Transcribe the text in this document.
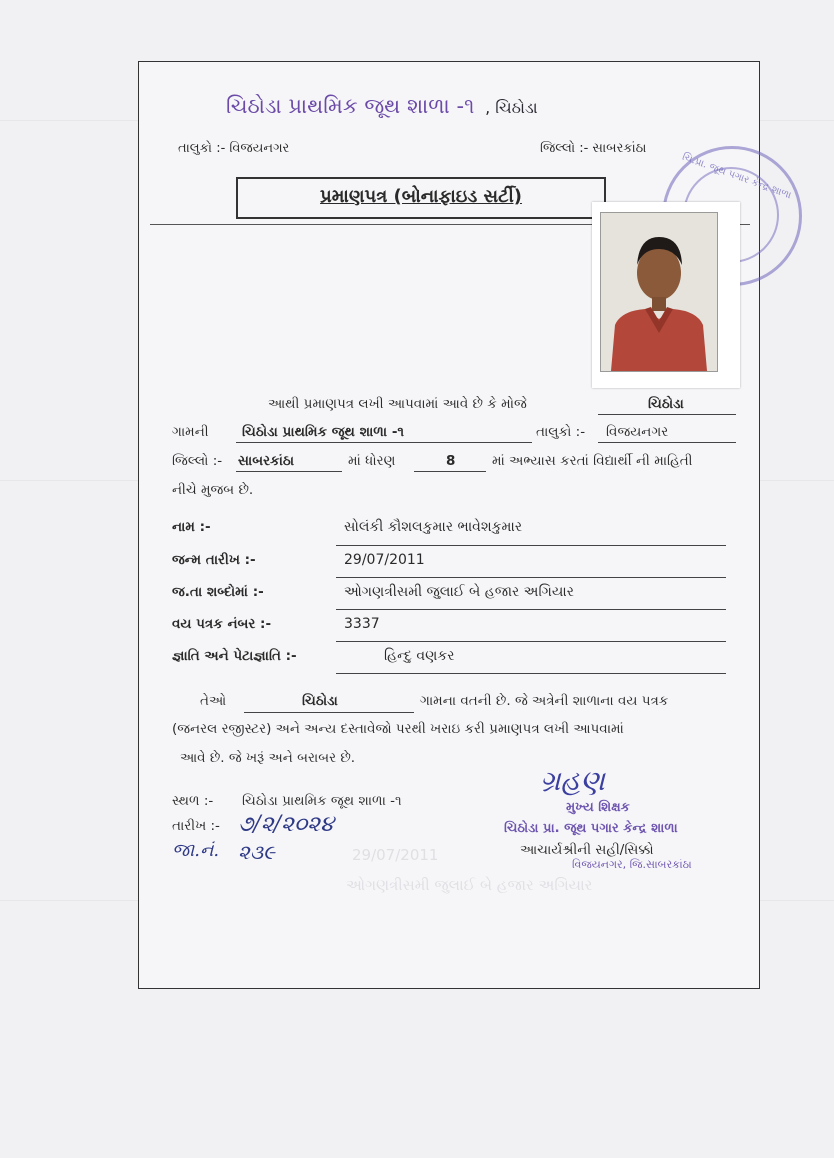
ચિઠોડા પ્રાથમિક જૂથ શાળા -૧ , ચિઠોડા
તાલુકો :- વિજયનગર	જિલ્લો :- સાબરકાંઠા
પ્રમાણપત્ર (બોનાફાઇડ સર્ટી)	ચિ.પ્રા. જૂથ પગાર કેન્દ્ર શાળા
આથી પ્રમાણપત્ર લખી આપવામાં આવે છે કે મોજે	ચિઠોડા
ગામની ચિઠોડા પ્રાથમિક જૂથ શાળા -૧	તાલુકો :- વિજયનગર
જિલ્લો :- સાબરકાંઠા	માં ધોરણ	8	માં અભ્યાસ કરતાં વિદ્યાર્થી ની માહિતી
નીચે મુજબ છે.
નામ :-	સોલંકી કૌશલકુમાર ભાવેશકુમાર
જન્મ તારીખ :-	29/07/2011
જ.તા શબ્દોમાં :-	ઓગણત્રીસમી જુલાઈ બે હજાર અગિયાર
વય પત્રક નંબર :-	3337
જ્ઞાતિ અને પેટાજ્ઞાતિ :-	હિન્દુ વણકર
29/07/2011
ઓગણત્રીસમી જુલાઈ બે હજાર અગિયાર
તેઓ	ચિઠોડા	ગામના વતની છે. જે અત્રેની શાળાના વય પત્રક
(જનરલ રજીસ્ટર) અને અન્ય દસ્તાવેજો પરથી ખરાઇ કરી પ્રમાણપત્ર લખી આપવામાં
આવે છે. જે ખરૂં અને બરાબર છે.
સ્થળ :- ચિઠોડા પ્રાથમિક જૂથ શાળા -૧
તારીખ :- ૭/૨/૨૦૨૪
જા.નં. ૨૩૯
ગ્રહણ
મુખ્ય શિક્ષક
ચિઠોડા પ્રા. જૂથ પગાર કેન્દ્ર શાળા
આચાર્યશ્રીની સહી/સિક્કો
વિજયનગર, જિ.સાબરકાંઠા
